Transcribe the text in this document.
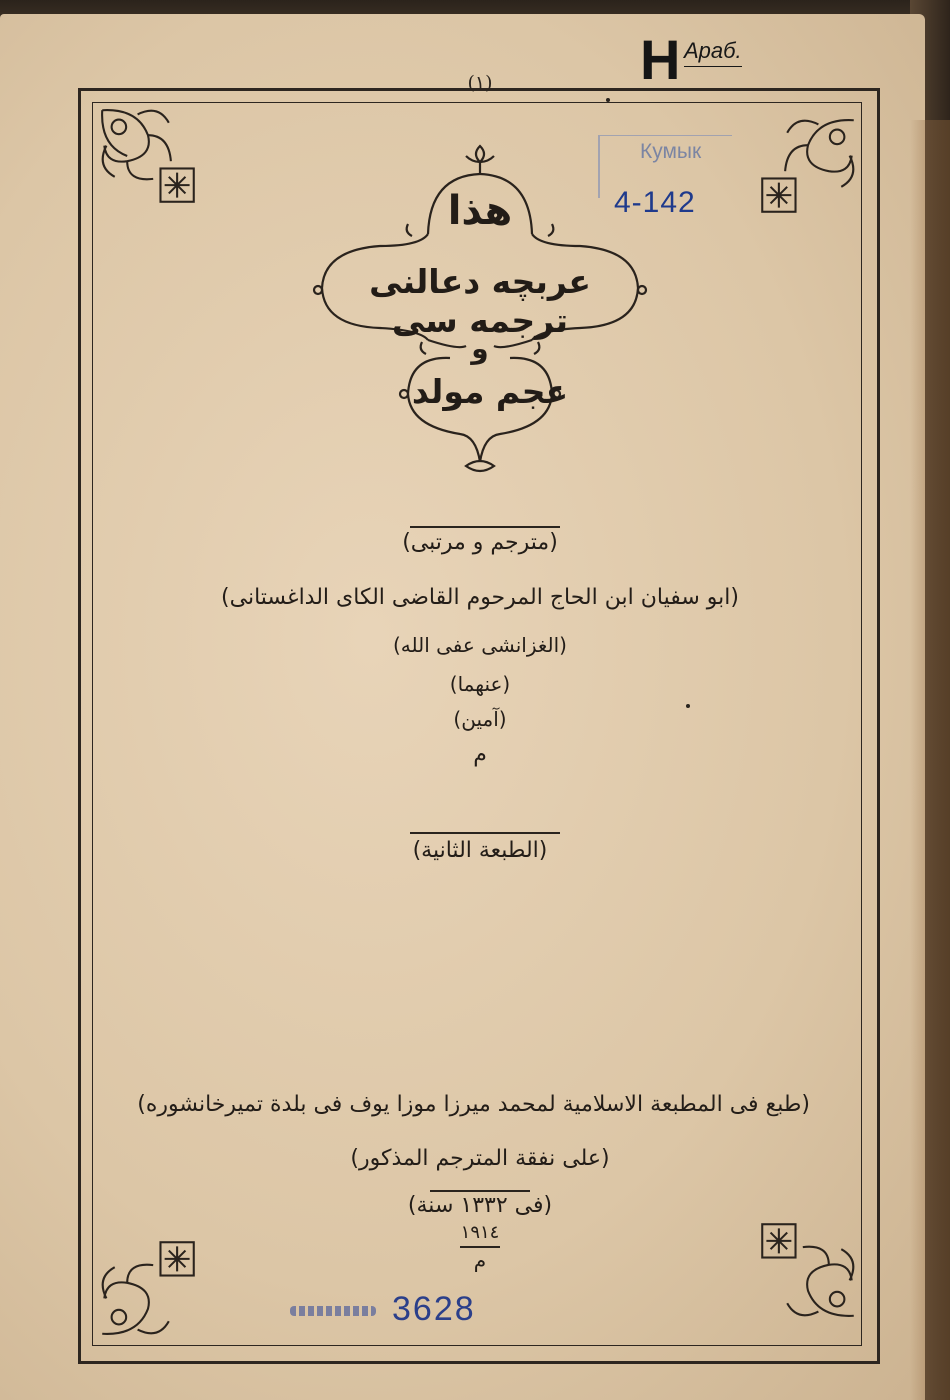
(١)	H Араб.
Кумык
4-142
3628
هذا
عربچه دعالنى ترجمه سى
و
عجم مولد
(مترجم و مرتبى)
(ابو سفيان ابن الحاج المرحوم القاضى الكاى الداغستانى)
(الغزانشى عفى الله)
(عنهما)
(آمين)
م
(الطبعة الثانية)
(طبع فى المطبعة الاسلامية لمحمد ميرزا موزا يوف فى بلدة تميرخانشوره)
(على نفقة المترجم المذكور)
(فى ١٣٣٢ سنة)
١٩١٤
م
